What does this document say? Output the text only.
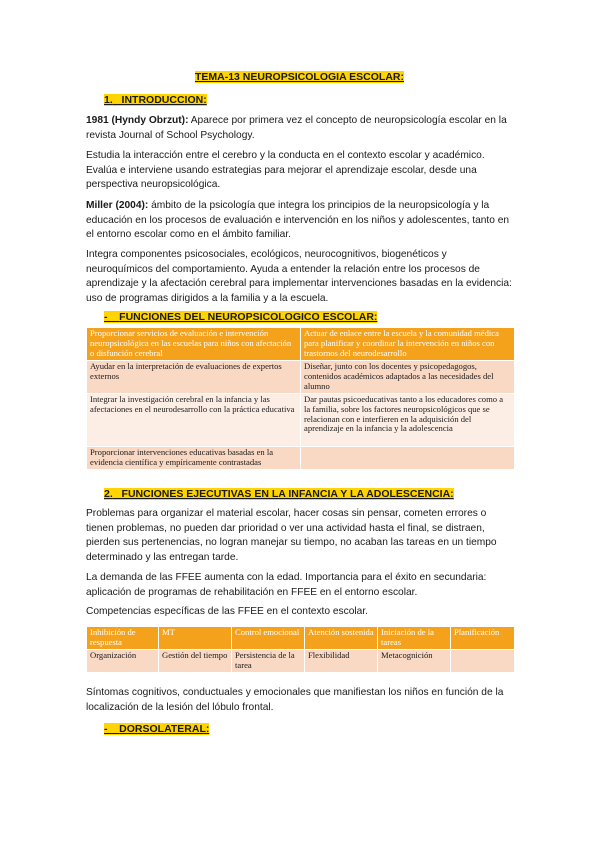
TEMA-13 NEUROPSICOLOGIA ESCOLAR:
1. INTRODUCCION:

1981 (Hyndy Obrzut): Aparece por primera vez el concepto de neuropsicología escolar en la revista Journal of School Psychology.

Estudia la interacción entre el cerebro y la conducta en el contexto escolar y académico. Evalúa e interviene usando estrategias para mejorar el aprendizaje escolar, desde una perspectiva neuropsicológica.

Miller (2004): ámbito de la psicología que integra los principios de la neuropsicología y la educación en los procesos de evaluación e intervención en los niños y adolescentes, tanto en el entorno escolar como en el ámbito familiar.

Integra componentes psicosociales, ecológicos, neurocognitivos, biogenéticos y neuroquímicos del comportamiento. Ayuda a entender la relación entre los procesos de aprendizaje y la afectación cerebral para implementar intervenciones basadas en la evidencia: uso de programas dirigidos a la familia y a la escuela.

- FUNCIONES DEL NEUROPSICOLOGICO ESCOLAR:
Proporcionar servicios de evaluación e intervención neuropsicológica en las escuelas para niños con afectación o disfunción cerebral	Actuar de enlace entre la escuela y la comunidad médica para planificar y coordinar la intervención en niños con trastornos del neurodesarrollo
Ayudar en la interpretación de evaluaciones de expertos externos	Diseñar, junto con los docentes y psicopedagogos, contenidos académicos adaptados a las necesidades del alumno
Integrar la investigación cerebral en la infancia y las afectaciones en el neurodesarrollo con la práctica educativa	Dar pautas psicoeducativas tanto a los educadores como a la familia, sobre los factores neuropsicológicos que se relacionan con e interfieren en la adquisición del aprendizaje en la infancia y la adolescencia
Proporcionar intervenciones educativas basadas en la evidencia científica y empíricamente contrastadas	
2. FUNCIONES EJECUTIVAS EN LA INFANCIA Y LA ADOLESCENCIA:

Problemas para organizar el material escolar, hacer cosas sin pensar, cometen errores o tienen problemas, no pueden dar prioridad o ver una actividad hasta el final, se distraen, pierden sus pertenencias, no logran manejar su tiempo, no acaban las tareas en un tiempo determinado y las entregan tarde.

La demanda de las FFEE aumenta con la edad. Importancia para el éxito en secundaria: aplicación de programas de rehabilitación en FFEE en el entorno escolar.

Competencias específicas de las FFEE en el contexto escolar.

Inhibición de respuesta	MT	Control emocional	Atención sostenida	Iniciación de la tareas	Planificación
Organización	Gestión del tiempo	Persistencia de la tarea	Flexibilidad	Metacognición	

Síntomas cognitivos, conductuales y emocionales que manifiestan los niños en función de la localización de la lesión del lóbulo frontal.

- DORSOLATERAL:
